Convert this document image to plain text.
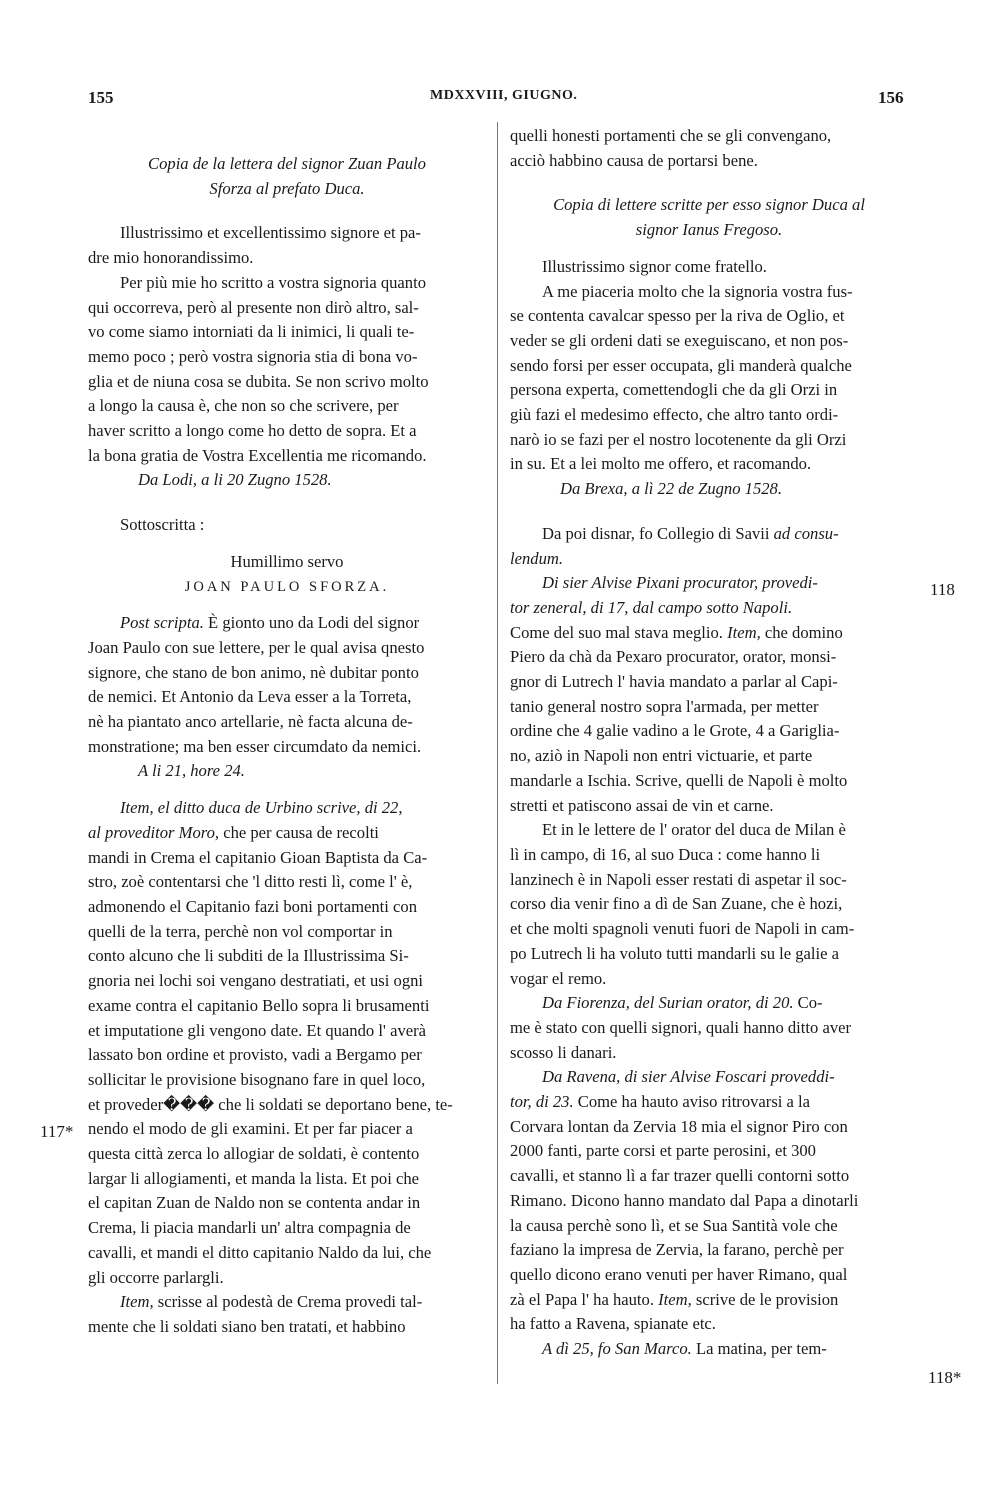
155	MDXXVIII, GIUGNO.	156

Copia de la lettera del signor Zuan Paulo

Sforza al prefato Duca.

Illustrissimo et excellentissimo signore et pa-

dre mio honorandissimo.

Per più mie ho scritto a vostra signoria quanto

qui occorreva, però al presente non dirò altro, sal-

vo come siamo intorniati da li inimici, li quali te-

memo poco ; però vostra signoria stia di bona vo-

glia et de niuna cosa se dubita. Se non scrivo molto

a longo la causa è, che non so che scrivere, per

haver scritto a longo come ho detto de sopra. Et a

la bona gratia de Vostra Excellentia me ricomando.

Da Lodi, a li 20 Zugno 1528.

Sottoscritta :

Humillimo servo

JOAN PAULO SFORZA.

Post scripta. È gionto uno da Lodi del signor

Joan Paulo con sue lettere, per le qual avisa qnesto

signore, che stano de bon animo, nè dubitar ponto

de nemici. Et Antonio da Leva esser a la Torreta,

nè ha piantato anco artellarie, nè facta alcuna de-

monstratione; ma ben esser circumdato da nemici.

A li 21, hore 24.

Item, el ditto duca de Urbino scrive, di 22,

al proveditor Moro, che per causa de recolti

mandi in Crema el capitanio Gioan Baptista da Ca-

stro, zoè contentarsi che 'l ditto resti lì, come l' è,

admonendo el Capitanio fazi boni portamenti con

quelli de la terra, perchè non vol comportar in

conto alcuno che li subditi de la Illustrissima Si-

gnoria nei lochi soi vengano destratiati, et usi ogni

exame contra el capitanio Bello sopra li brusamenti

et imputatione gli vengono date. Et quando l' averà

lassato bon ordine et provisto, vadi a Bergamo per

sollicitar le provisione bisognano fare in quel loco,

et proveder��� che li soldati se deportano bene, te-

nendo el modo de gli examini. Et per far piacer a

questa città zerca lo allogiar de soldati, è contento

largar li allogiamenti, et manda la lista. Et poi che

el capitan Zuan de Naldo non se contenta andar in

Crema, li piacia mandarli un' altra compagnia de

cavalli, et mandi el ditto capitanio Naldo da lui, che

gli occorre parlargli.

Item, scrisse al podestà de Crema provedi tal-

mente che li soldati siano ben tratati, et habbino

quelli honesti portamenti che se gli convengano,

acciò habbino causa de portarsi bene.

Copia di lettere scritte per esso signor Duca al

signor Ianus Fregoso.

Illustrissimo signor come fratello.

A me piaceria molto che la signoria vostra fus-

se contenta cavalcar spesso per la riva de Oglio, et

veder se gli ordeni dati se exeguiscano, et non pos-

sendo forsi per esser occupata, gli manderà qualche

persona experta, comettendogli che da gli Orzi in

giù fazi el medesimo effecto, che altro tanto ordi-

narò io se fazi per el nostro locotenente da gli Orzi

in su. Et a lei molto me offero, et racomando.

Da Brexa, a lì 22 de Zugno 1528.

Da poi disnar, fo Collegio di Savii ad consu-

lendum.

Di sier Alvise Pixani procurator, provedi-

tor zeneral, di 17, dal campo sotto Napoli.

Come del suo mal stava meglio. Item, che domino

Piero da chà da Pexaro procurator, orator, monsi-

gnor di Lutrech l' havia mandato a parlar al Capi-

tanio general nostro sopra l'armada, per metter

ordine che 4 galie vadino a le Grote, 4 a Gariglia-

no, aziò in Napoli non entri victuarie, et parte

mandarle a Ischia. Scrive, quelli de Napoli è molto

stretti et patiscono assai de vin et carne.

Et in le lettere de l' orator del duca de Milan è

lì in campo, di 16, al suo Duca : come hanno li

lanzinech è in Napoli esser restati di aspetar il soc-

corso dia venir fino a dì de San Zuane, che è hozi,

et che molti spagnoli venuti fuori de Napoli in cam-

po Lutrech li ha voluto tutti mandarli su le galie a

vogar el remo.

Da Fiorenza, del Surian orator, di 20. Co-

me è stato con quelli signori, quali hanno ditto aver

scosso li danari.

Da Ravena, di sier Alvise Foscari proveddi-

tor, di 23. Come ha hauto aviso ritrovarsi a la

Corvara lontan da Zervia 18 mia el signor Piro con

2000 fanti, parte corsi et parte perosini, et 300

cavalli, et stanno lì a far trazer quelli contorni sotto

Rimano. Dicono hanno mandato dal Papa a dinotarli

la causa perchè sono lì, et se Sua Santità vole che

faziano la impresa de Zervia, la farano, perchè per

quello dicono erano venuti per haver Rimano, qual

zà el Papa l' ha hauto. Item, scrive de le provision

ha fatto a Ravena, spianate etc.

A dì 25, fo San Marco. La matina, per tem-

117*
118
118*
